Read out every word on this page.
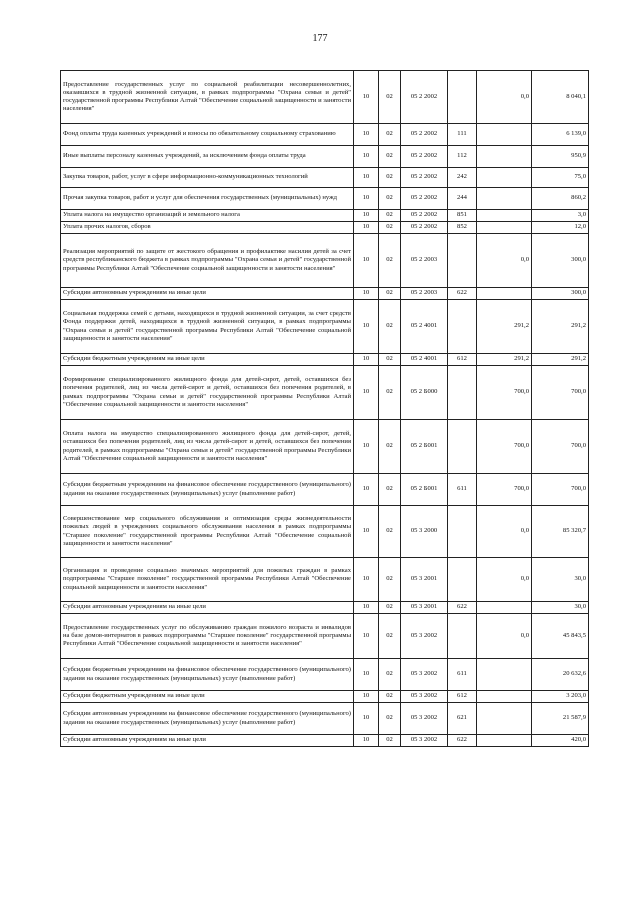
177
Предоставление государственных услуг по социальной реабилитации несовершеннолетних, оказавшихся в трудной жизненной ситуации, в рамках подпрограммы "Охрана семьи и детей" государственной программы Республики Алтай "Обеспечение социальной защищенности и занятости населения"	10	02	05 2 2002		0,0	8 040,1
Фонд оплаты труда казенных учреждений и взносы по обязательному социальному страхованию	10	02	05 2 2002	111		6 139,0
Иные выплаты персоналу казенных учреждений, за исключением фонда оплаты труда	10	02	05 2 2002	112		950,9
Закупка товаров, работ, услуг в сфере информационно-коммуникационных технологий	10	02	05 2 2002	242		75,0
Прочая закупка товаров, работ и услуг для обеспечения государственных (муниципальных) нужд	10	02	05 2 2002	244		860,2
Уплата налога на имущество организаций и земельного налога	10	02	05 2 2002	851		3,0
Уплата прочих налогов, сборов	10	02	05 2 2002	852		12,0
Реализация мероприятий по защите от жестокого обращения и профилактике насилия детей за счет средств республиканского бюджета в рамках подпрограммы "Охрана семьи и детей" государственной программы Республики Алтай "Обеспечение социальной защищенности и занятости населения"	10	02	05 2 2003		0,0	300,0
Субсидии автономным учреждениям на иные цели	10	02	05 2 2003	622		300,0
Социальная поддержка семей с детьми, находящихся в трудной жизненной ситуации, за счет средств Фонда поддержки детей, находящихся в трудной жизненной ситуации, в рамках подпрограммы "Охрана семьи и детей" государственной программы Республики Алтай "Обеспечение социальной защищенности и занятости населения"	10	02	05 2 4001		291,2	291,2
Субсидии бюджетным учреждениям на иные цели	10	02	05 2 4001	612	291,2	291,2
Формирование специализированного жилищного фонда для детей-сирот, детей, оставшихся без попечения родителей, лиц из числа детей-сирот и детей, оставшихся без попечения родителей, в рамках подпрограммы "Охрана семьи и детей" государственной программы Республики Алтай "Обеспечение социальной защищенности и занятости населения"	10	02	05 2 Б000		700,0	700,0
Оплата налога на имущество специализированного жилищного фонда для детей-сирот, детей, оставшихся без попечения родителей, лиц из числа детей-сирот и детей, оставшихся без попечения родителей, в рамках подпрограммы "Охрана семьи и детей" государственной программы Республики Алтай "Обеспечение социальной защищенности и занятости населения"	10	02	05 2 Б001		700,0	700,0
Субсидии бюджетным учреждениям на финансовое обеспечение государственного (муниципального) задания на оказание государственных (муниципальных) услуг (выполнение работ)	10	02	05 2 Б001	611	700,0	700,0
Совершенствование мер социального обслуживания и оптимизация среды жизнедеятельности пожилых людей в учреждениях социального обслуживания населения в рамках подпрограммы "Старшее поколение" государственной программы Республики Алтай "Обеспечение социальной защищенности и занятости населения"	10	02	05 3 2000		0,0	85 320,7
Организация и проведение социально значимых мероприятий для пожилых граждан в рамках подпрограммы "Старшее поколение" государственной программы Республики Алтай "Обеспечение социальной защищенности и занятости населения"	10	02	05 3 2001		0,0	30,0
Субсидии автономным учреждениям на иные цели	10	02	05 3 2001	622		30,0
Предоставление государственных услуг по обслуживанию граждан пожилого возраста и инвалидов на базе домов-интернатов в рамках подпрограммы "Старшее поколение" государственной программы Республики Алтай "Обеспечение социальной защищенности и занятости населения"	10	02	05 3 2002		0,0	45 843,5
Субсидии бюджетным учреждениям на финансовое обеспечение государственного (муниципального) задания на оказание государственных (муниципальных) услуг (выполнение работ)	10	02	05 3 2002	611		20 632,6
Субсидии бюджетным учреждениям на иные цели	10	02	05 3 2002	612		3 203,0
Субсидии автономным учреждениям на финансовое обеспечение государственного (муниципального) задания на оказание государственных (муниципальных) услуг (выполнение работ)	10	02	05 3 2002	621		21 587,9
Субсидии автономным учреждениям на иные цели	10	02	05 3 2002	622		420,0
